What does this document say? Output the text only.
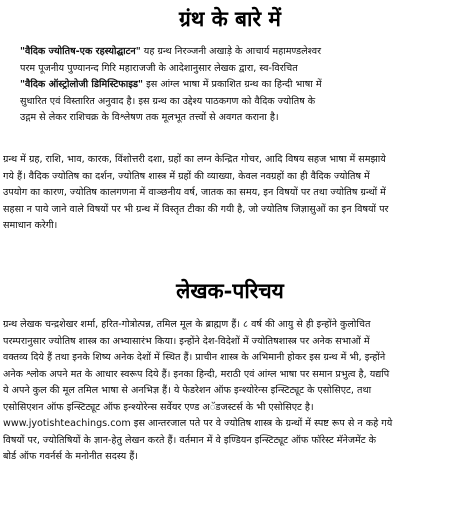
ग्रंथ के बारे में
"वैदिक ज्योतिष-एक रहस्योद्घाटन" यह ग्रन्थ निरञ्जनी अखाड़े के आचार्य महामण्डलेश्वर
परम पूजनीय पुण्यानन्द गिरि महाराजजी के आदेशानुसार लेखक द्वारा, स्व-विरचित
"वैदिक ऑस्ट्रोलोजी डिमिस्टिफाइड" इस आंग्ल भाषा में प्रकाशित ग्रन्थ का हिन्दी भाषा में
सुधारित एवं विस्तारित अनुवाद है। इस ग्रन्थ का उद्देश्य पाठकगण को वैदिक ज्योतिष के
उद्गम से लेकर राशिचक्र के विश्लेषण तक मूलभूत तत्त्वों से अवगत कराना है।
ग्रन्थ में ग्रह, राशि, भाव, कारक, विंशोत्तरी दशा, ग्रहों का लग्न केन्द्रित गोचर, आदि विषय सहज भाषा में समझाये
गये हैं। वैदिक ज्योतिष का दर्शन, ज्योतिष शास्त्र में ग्रहों की व्याख्या, केवल नवग्रहों का ही वैदिक ज्योतिष में
उपयोग का कारण, ज्योतिष कालगणना में वाञ्छनीय वर्ष, जातक का समय, इन विषयों पर तथा ज्योतिष ग्रन्थों में
सहसा न पाये जाने वाले विषयों पर भी ग्रन्थ में विस्तृत टीका की गयी है, जो ज्योतिष जिज्ञासुओं का इन विषयों पर
समाधान करेगी।
लेखक-परिचय
ग्रन्थ लेखक चन्द्रशेखर शर्मा, हरित-गोत्रोत्पन्न, तमिल मूल के ब्राह्मण हैं। ८ वर्ष की आयु से ही इन्होंने कुलोचित
परम्परानुसार ज्योतिष शास्त्र का अभ्यासारंभ किया। इन्होंने देश-विदेशों में ज्योतिषशास्त्र पर अनेक सभाओं में
वक्तव्य दिये हैं तथा इनके शिष्य अनेक देशों में स्थित हैं। प्राचीन शास्त्र के अभिमानी होकर इस ग्रन्थ में भी, इन्होंने
अनेक श्लोक अपने मत के आधार स्वरूप दिये हैं। इनका हिन्दी, मराठी एवं आंग्ल भाषा पर समान प्रभुत्व है, यद्यपि
ये अपने कुल की मूल तमिल भाषा से अनभिज्ञ हैं। ये फेडरेशन ऑफ इन्श्योरेन्स इन्स्टिट्यूट के एसोसिएट, तथा
एसोसिएशन ऑफ इन्स्टिट्यूट ऑफ इन्श्योरेन्स सर्वेयर एण्ड अॅडजस्टर्स के भी एसोसिएट है।
www.jyotishteachings.com इस आन्तरजाल पते पर वे ज्योतिष शास्त्र के ग्रन्थों में स्पष्ट रूप से न कहे गये
विषयों पर, ज्योतिषियों के ज्ञान-हेतु लेखन करते हैं। वर्तमान में वे इण्डियन इन्स्टिट्यूट ऑफ फॉरेस्ट मॅनेजमेंट के
बोर्ड ऑफ गवर्नर्स के मनोनीत सदस्य हैं।
